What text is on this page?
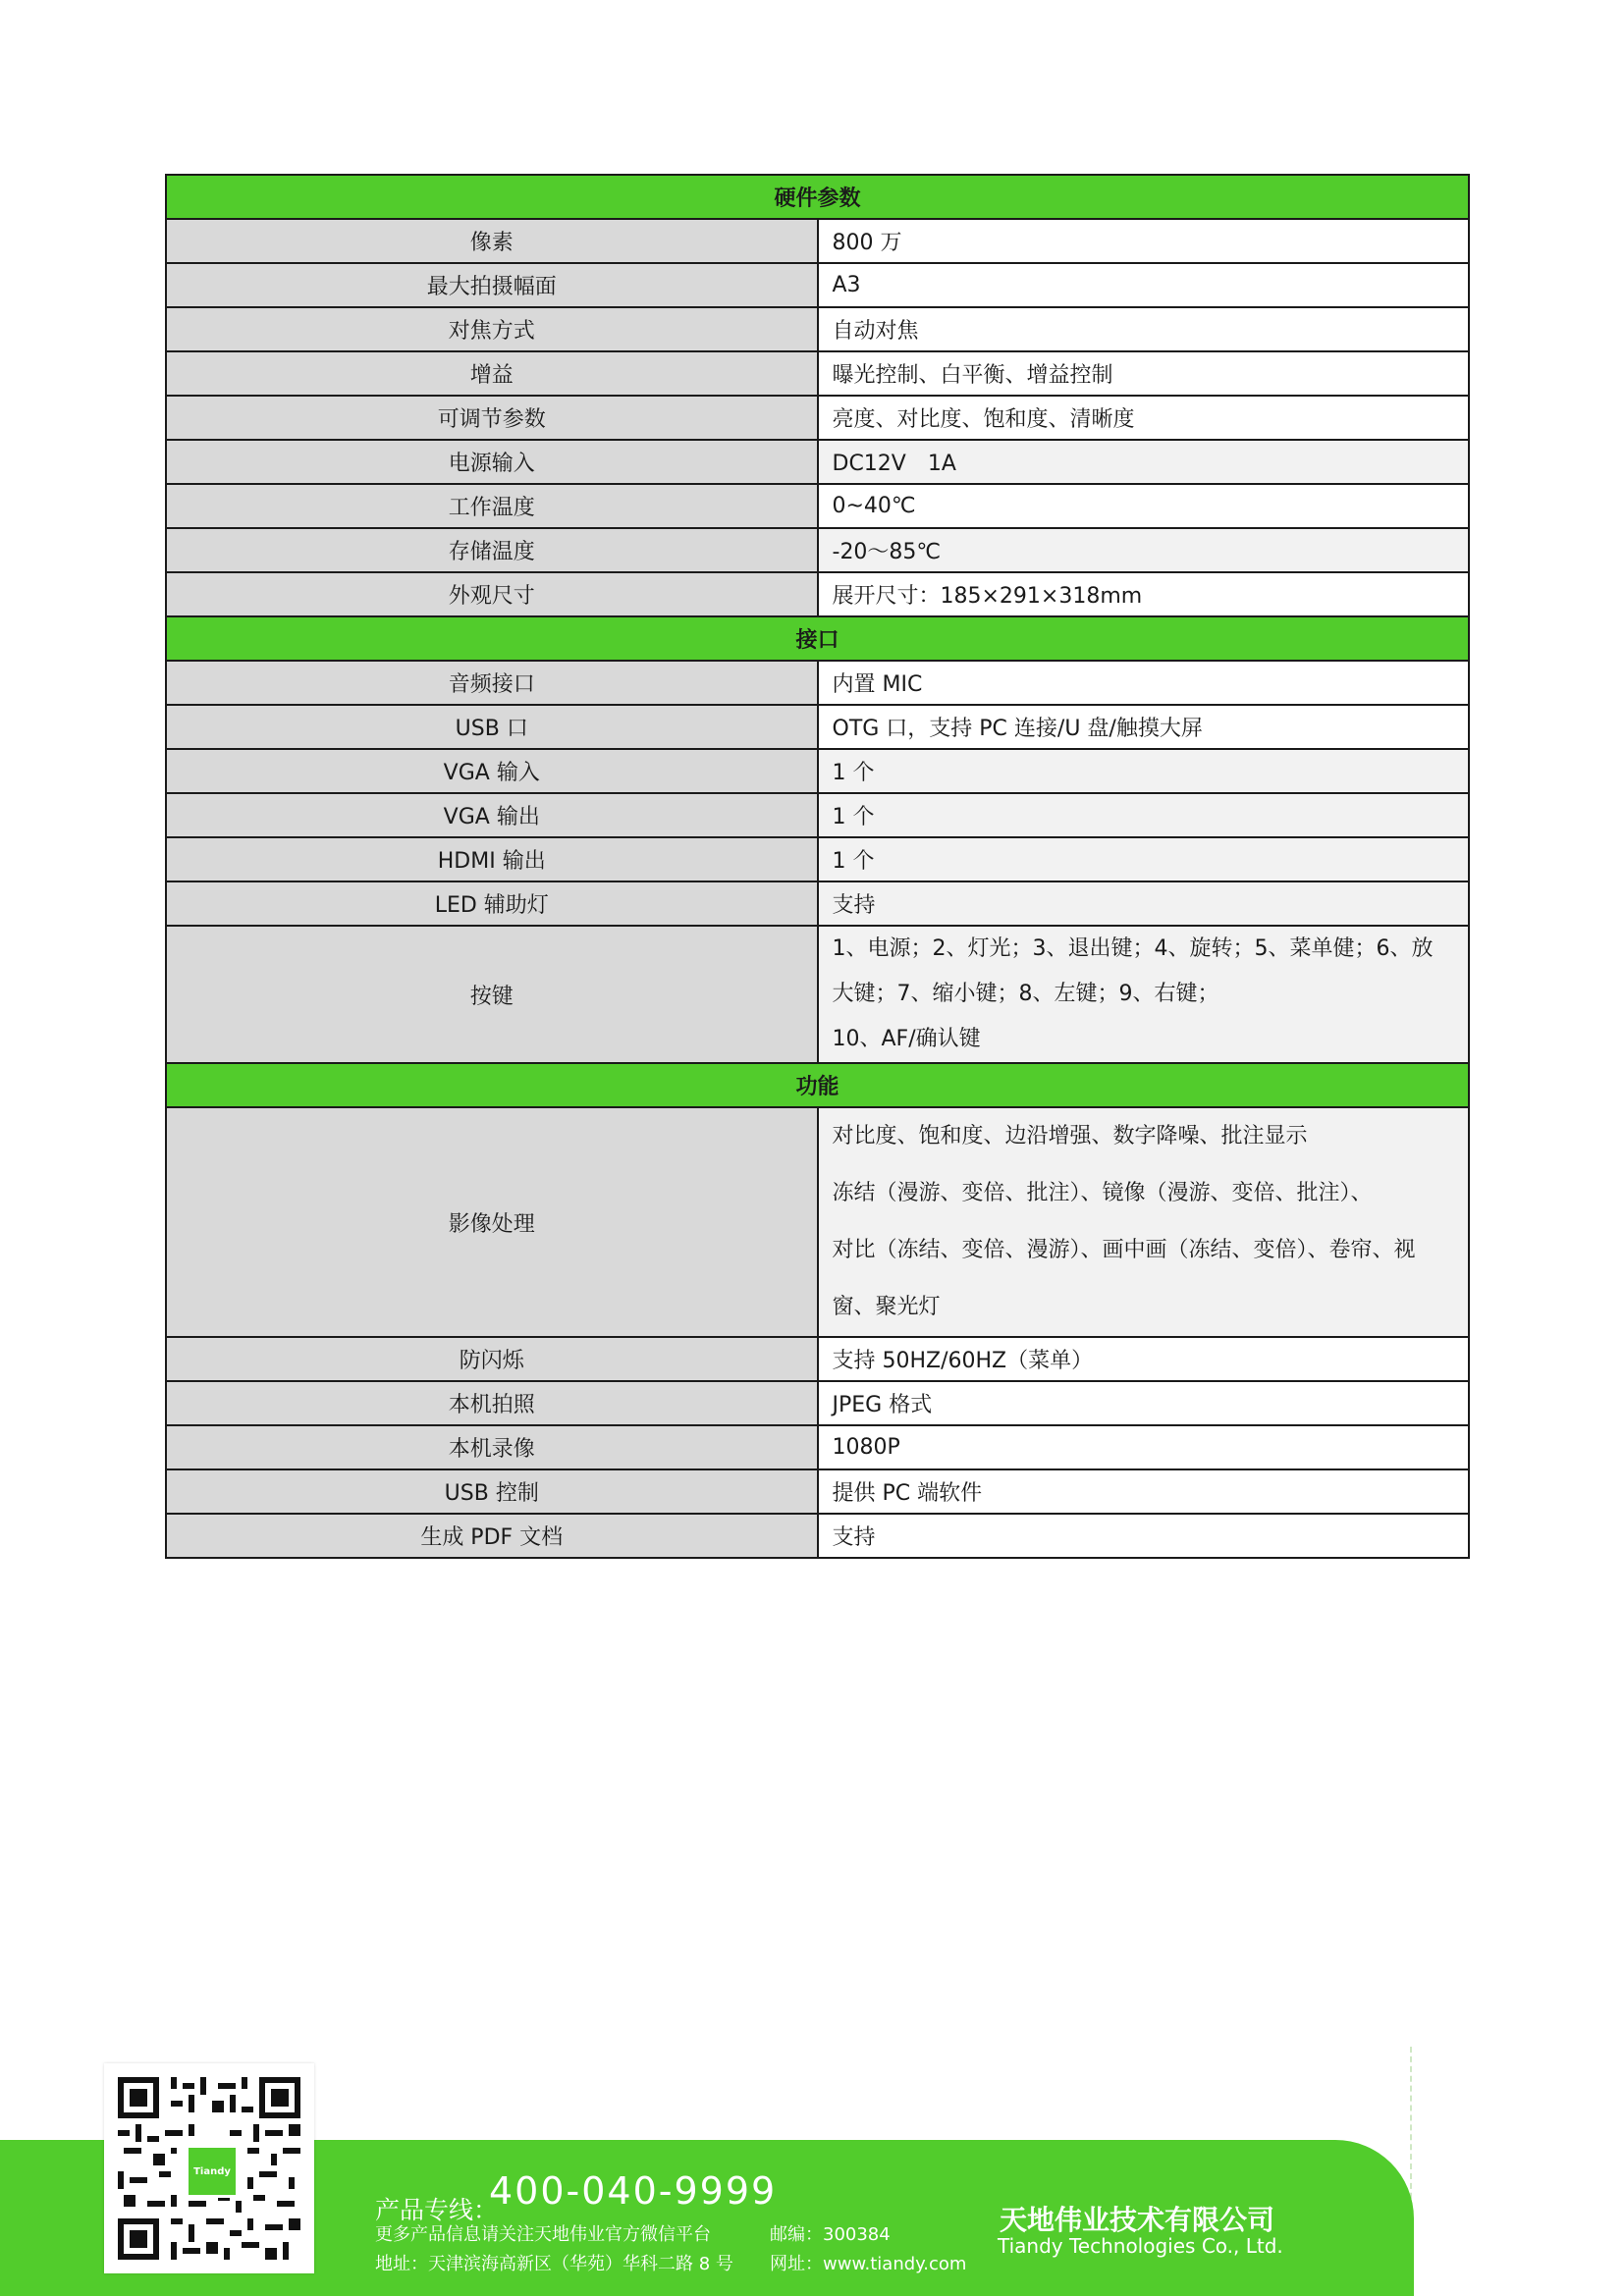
硬件参数	
像素	800 万
最大拍摄幅面	A3
对焦方式	自动对焦
增益	曝光控制、白平衡、增益控制
可调节参数	亮度、对比度、饱和度、清晰度
电源输入	DC12V　1A
工作温度	0~40℃
存储温度	-20～85℃
外观尺寸	展开尺寸：185×291×318mm
接口	
音频接口	内置 MIC
USB 口	OTG 口，支持 PC 连接/U 盘/触摸大屏
VGA 输入	1 个
VGA 输出	1 个
HDMI 输出	1 个
LED 辅助灯	支持
按键	1、电源；2、灯光；3、退出键；4、旋转；5、菜单健；6、放大键；7、缩小键；8、左键；9、右键；
10、AF/确认键

功能	
影像处理	对比度、饱和度、边沿增强、数字降噪、批注显示
冻结（漫游、变倍、批注）、镜像（漫游、变倍、批注）、
对比（冻结、变倍、漫游）、画中画（冻结、变倍）、卷帘、视窗、聚光灯

防闪烁	支持 50HZ/60HZ（菜单）
本机拍照	JPEG 格式
本机录像	1080P
USB 控制	提供 PC 端软件
生成 PDF 文档	支持
Tiandy
产品专线：
400-040-9999
更多产品信息请关注天地伟业官方微信平台
地址：天津滨海高新区（华苑）华科二路 8 号
邮编：300384
网址：www.tiandy.com
天地伟业技术有限公司
Tiandy Technologies Co., Ltd.
